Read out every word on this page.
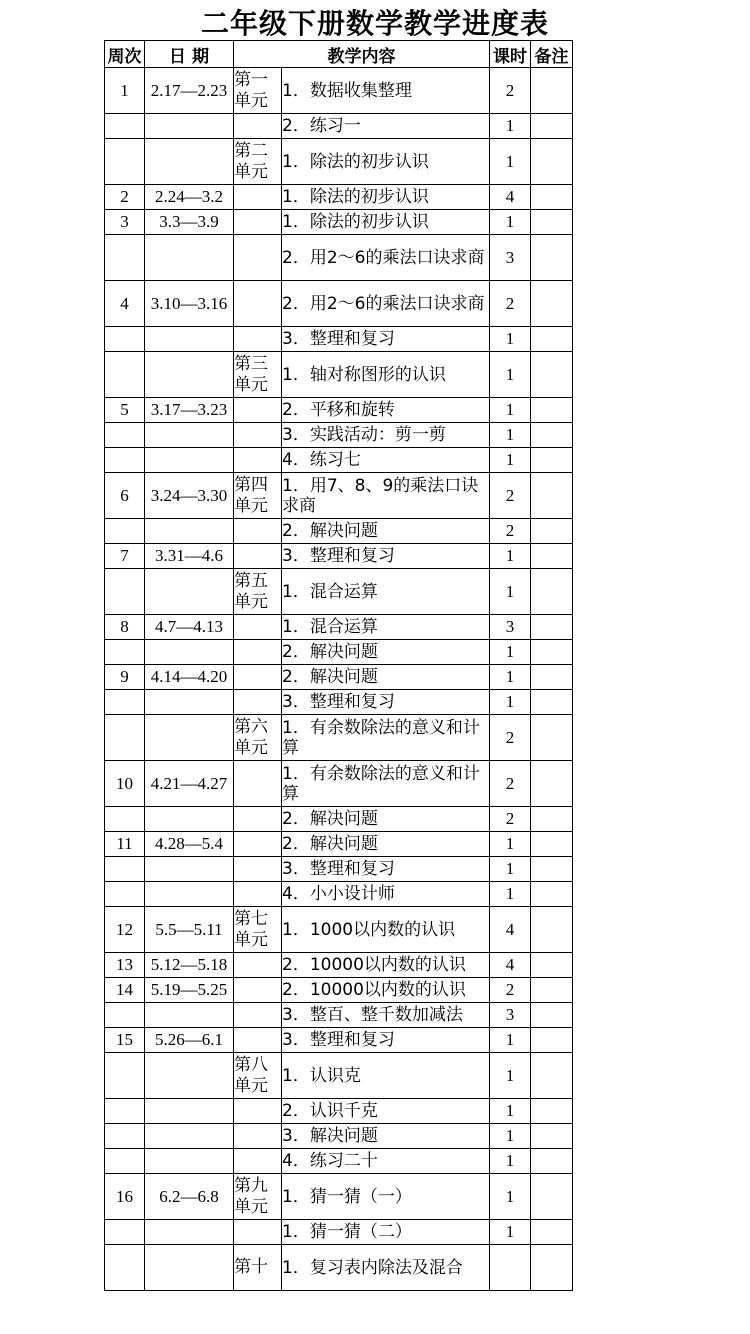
二年级下册数学教学进度表
周次	日 期	教学内容		课时	备注
1	2.17—2.23	第一单元	1．数据收集整理	2	
			2．练习一	1	
		第二单元	1．除法的初步认识	1	
2	2.24—3.2		1．除法的初步认识	4	
3	3.3—3.9		1．除法的初步认识	1	
			2．用2～6的乘法口诀求商	3	
4	3.10—3.16		2．用2～6的乘法口诀求商	2	
			3．整理和复习	1	
		第三单元	1．轴对称图形的认识	1	
5	3.17—3.23		2．平移和旋转	1	
			3．实践活动：剪一剪	1	
			4．练习七	1	
6	3.24—3.30	第四单元	1．用7、8、9的乘法口诀求商	2	
			2．解决问题	2	
7	3.31—4.6		3．整理和复习	1	
		第五单元	1．混合运算	1	
8	4.7—4.13		1．混合运算	3	
			2．解决问题	1	
9	4.14—4.20		2．解决问题	1	
			3．整理和复习	1	
		第六单元	1．有余数除法的意义和计算	2	
10	4.21—4.27		1．有余数除法的意义和计算	2	
			2．解决问题	2	
11	4.28—5.4		2．解决问题	1	
			3．整理和复习	1	
			4．小小设计师	1	
12	5.5—5.11	第七单元	1．1000以内数的认识	4	
13	5.12—5.18		2．10000以内数的认识	4	
14	5.19—5.25		2．10000以内数的认识	2	
			3．整百、整千数加减法	3	
15	5.26—6.1		3．整理和复习	1	
		第八单元	1．认识克	1	
			2．认识千克	1	
			3．解决问题	1	
			4．练习二十	1	
16	6.2—6.8	第九单元	1．猜一猜（一）	1	
			1．猜一猜（二）	1	
		第十	1．复习表内除法及混合		
